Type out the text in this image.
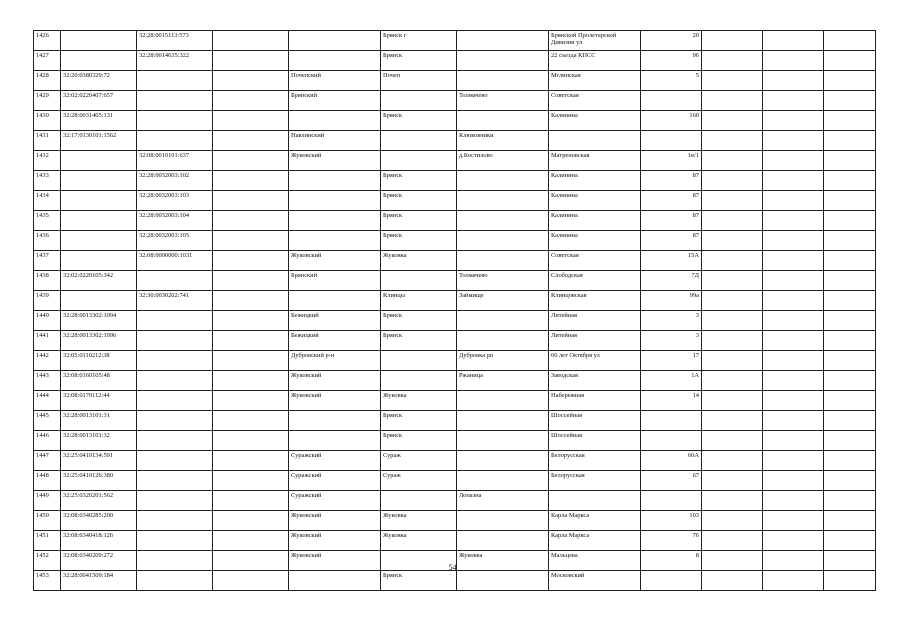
1426		32:28:0015113:573			Брянск г		Брянской Пролетарской Дивизии ул	20			
1427		32:28:0014635:322			Брянск		22 съезда КПСС	96			
1428	32:20:0380329:72			Почепский	Почеп		Мглинская	5			
1429	32:02:0220407:657			Брянский		Толмачево	Советская				
1430	32:28:0031405:131				Брянск		Калинина	160			
1431	32:17:0130101:1562			Навлинский		Клюковники					
1432		32:08:0010101:637		Жуковский		д.Костилово	Матреновская	1в/1			
1433		32:28:0032003:102			Брянск		Калинина	87			
1434		32:28:0032003:103			Брянск		Калинина	87			
1435		32:28:0032003:104			Брянск		Калинина	87			
1436		32:28:0032003:105			Брянск		Калинина	87			
1437		32:08:0000000:1031		Жуковский	Жуковка		Советская	15А			
1438	32:02:0220105:342			Брянский		Толмачево	Слободская	7Д			
1439		32:30:0030202:741			Клинцы	Займище	Клинцовская	99а			
1440	32:28:0013302:1094			Бежицкий	Брянск		Литейная	3			
1441	32:28:0013302:1096			Бежицкий	Брянск		Литейная	3			
1442	32:05:0110212:38			Дубровский р-н		Дубровка рп	60 лет Октября ул	17			
1443	32:08:0160105:48			Жуковский		Ржаница	Заводская	1А			
1444	32:08:0170112:44			Жуковский	Жуковка		Набережная	14			
1445	32:28:0013101:31				Брянск		Шоссейная				
1446	32:28:0013101:32				Брянск		Шоссейная				
1447	32:25:0410134:591			Суражский	Сураж		Белорусская	60А			
1448	32:25:0410126:380			Суражский	Сураж		Белорусская	67			
1449	32:25:0320201:562			Суражский		Лопазна					
1450	32:08:0340285:200			Жуковский	Жуковка		Карла Маркса	103			
1451	32:08:0340418:126			Жуковский	Жуковка		Карла Маркса	76			
1452	32:08:0340209:272			Жуковский		Жуковка	Мальцева	8			
1453	32:28:0041509:184				Брянск		Московский				
54
